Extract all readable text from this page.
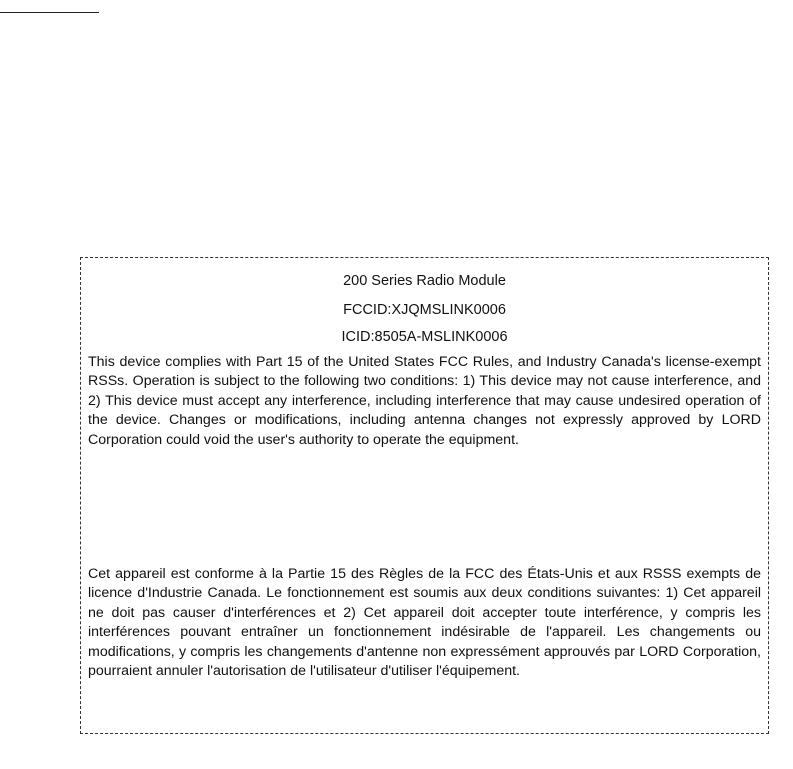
200 Series Radio Module
FCCID:XJQMSLINK0006
ICID:8505A-MSLINK0006

This device complies with Part 15 of the United States FCC Rules, and Industry Canada's license-exempt RSSs. Operation is subject to the following two conditions: 1) This device may not cause interference, and 2) This device must accept any interference, including interference that may cause undesired operation of the device. Changes or modifications, including antenna changes not expressly approved by LORD Corporation could void the user's authority to operate the equipment.

Cet appareil est conforme à la Partie 15 des Règles de la FCC des États-Unis et aux RSSS exempts de licence d'Industrie Canada. Le fonctionnement est soumis aux deux conditions suivantes: 1) Cet appareil ne doit pas causer d'interférences et 2) Cet appareil doit accepter toute interférence, y compris les interférences pouvant entraîner un fonctionnement indésirable de l'appareil. Les changements ou modifications, y compris les changements d'antenne non expressément approuvés par LORD Corporation, pourraient annuler l'autorisation de l'utilisateur d'utiliser l'équipement.
